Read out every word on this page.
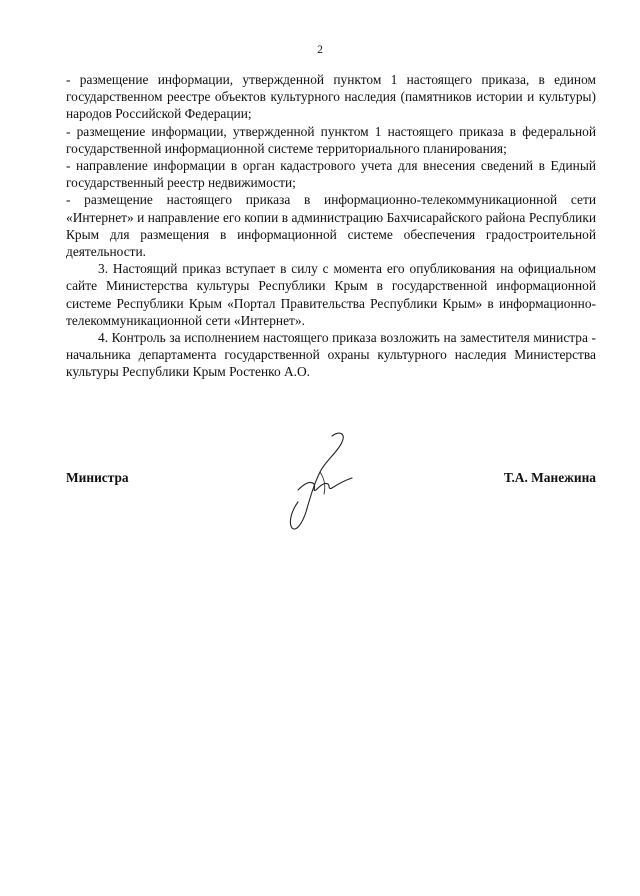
2

- размещение информации, утвержденной пунктом 1 настоящего приказа, в едином государственном реестре объектов культурного наследия (памятников истории и культуры) народов Российской Федерации;

- размещение информации, утвержденной пунктом 1 настоящего приказа в федеральной государственной информационной системе территориального планирования;

- направление информации в орган кадастрового учета для внесения сведений в Единый государственный реестр недвижимости;

- размещение настоящего приказа в информационно-телекоммуникационной сети «Интернет» и направление его копии в администрацию Бахчисарайского района Республики Крым для размещения в информационной системе обеспечения градостроительной деятельности.

3. Настоящий приказ вступает в силу с момента его опубликования на официальном сайте Министерства культуры Республики Крым в государственной информационной системе Республики Крым «Портал Правительства Республики Крым» в информационно-телекоммуникационной сети «Интернет».

4. Контроль за исполнением настоящего приказа возложить на заместителя министра - начальника департамента государственной охраны культурного наследия Министерства культуры Республики Крым Ростенко А.О.

Министра	Т.А. Манежина
